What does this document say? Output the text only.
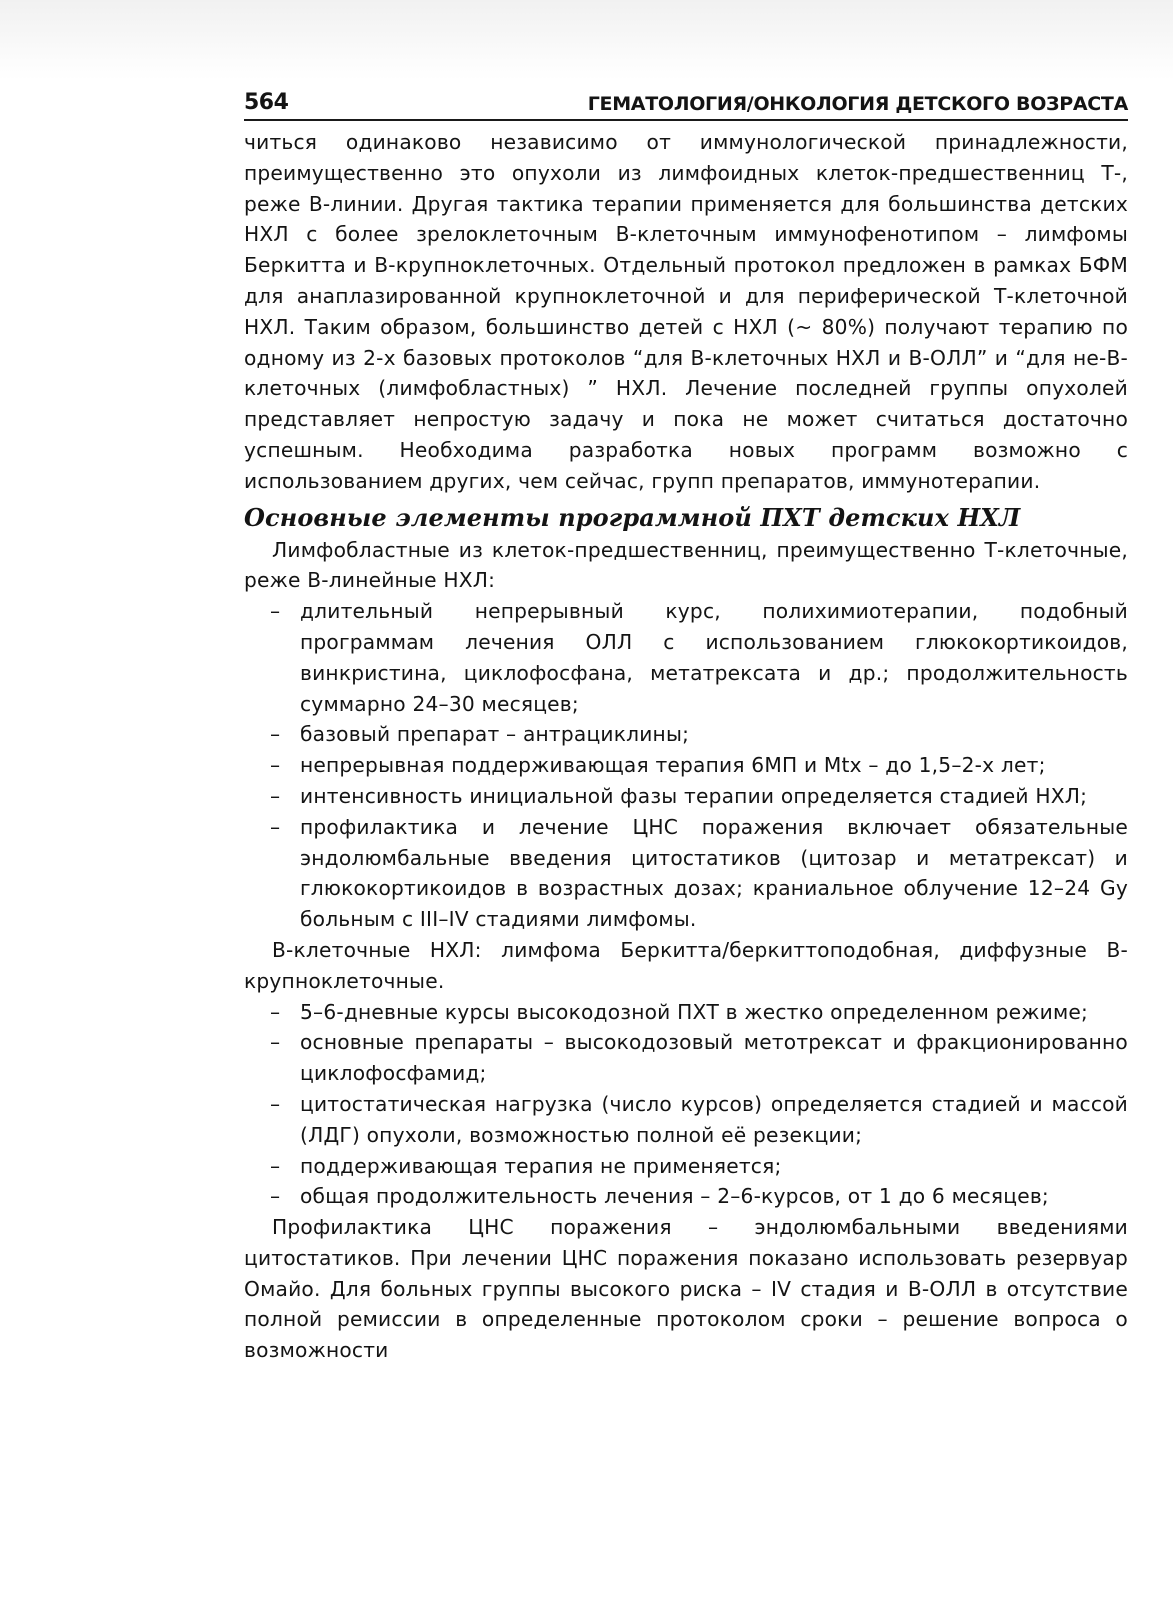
564	ГЕМАТОЛОГИЯ/ОНКОЛОГИЯ ДЕТСКОГО ВОЗРАСТА

читься одинаково независимо от иммунологической принадлежности, преимущественно это опухоли из лимфоидных клеток-предшественниц Т-, реже В-линии. Другая тактика терапии применяется для большинства детских НХЛ с более зрелоклеточным В-клеточным иммунофенотипом – лимфомы Беркитта и В-крупноклеточных. Отдельный протокол предложен в рамках БФМ для анаплазированной крупноклеточной и для периферической Т-клеточной НХЛ. Таким образом, большинство детей с НХЛ (~ 80%) получают терапию по одному из 2-х базовых протоколов “для В-клеточных НХЛ и В-ОЛЛ” и “для не-В-клеточных (лимфобластных) ” НХЛ. Лечение последней группы опухолей представляет непростую задачу и пока не может считаться достаточно успешным. Необходима разработка новых программ возможно с использованием других, чем сейчас, групп препаратов, иммунотерапии.

Основные элементы программной ПХТ детских НХЛ

Лимфобластные из клеток-предшественниц, преимущественно Т-клеточные, реже В-линейные НХЛ:

– длительный непрерывный курс, полихимиотерапии, подобный программам лечения ОЛЛ с использованием глюкокортикоидов, винкристина, циклофосфана, метатрексата и др.; продолжительность суммарно 24–30 месяцев;
– базовый препарат – антрациклины;
– непрерывная поддерживающая терапия 6МП и Mtx – до 1,5–2-х лет;
– интенсивность инициальной фазы терапии определяется стадией НХЛ;
– профилактика и лечение ЦНС поражения включает обязательные эндолюмбальные введения цитостатиков (цитозар и метатрексат) и глюкокортикоидов в возрастных дозах; краниальное облучение 12–24 Gy больным с III–IV стадиями лимфомы.

В-клеточные НХЛ: лимфома Беркитта/беркиттоподобная, диффузные В-крупноклеточные.

– 5–6-дневные курсы высокодозной ПХТ в жестко определенном режиме;
– основные препараты – высокодозовый метотрексат и фракционированно циклофосфамид;
– цитостатическая нагрузка (число курсов) определяется стадией и массой (ЛДГ) опухоли, возможностью полной её резекции;
– поддерживающая терапия не применяется;
– общая продолжительность лечения – 2–6-курсов, от 1 до 6 месяцев;

Профилактика ЦНС поражения – эндолюмбальными введениями цитостатиков. При лечении ЦНС поражения показано использовать резервуар Омайо. Для больных группы высокого риска – IV стадия и В-ОЛЛ в отсутствие полной ремиссии в определенные протоколом сроки – решение вопроса о возможности
